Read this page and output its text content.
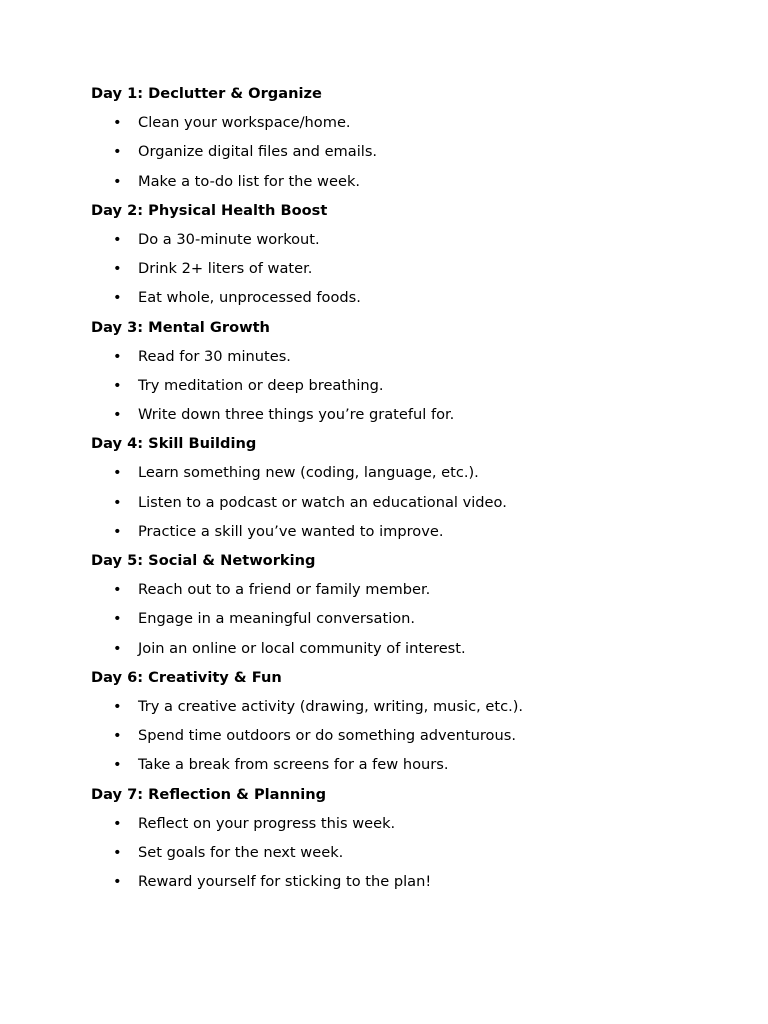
Day 1: Declutter & Organize
• Clean your workspace/home.
• Organize digital files and emails.
• Make a to-do list for the week.
Day 2: Physical Health Boost
• Do a 30-minute workout.
• Drink 2+ liters of water.
• Eat whole, unprocessed foods.
Day 3: Mental Growth
• Read for 30 minutes.
• Try meditation or deep breathing.
• Write down three things you’re grateful for.
Day 4: Skill Building
• Learn something new (coding, language, etc.).
• Listen to a podcast or watch an educational video.
• Practice a skill you’ve wanted to improve.
Day 5: Social & Networking
• Reach out to a friend or family member.
• Engage in a meaningful conversation.
• Join an online or local community of interest.
Day 6: Creativity & Fun
• Try a creative activity (drawing, writing, music, etc.).
• Spend time outdoors or do something adventurous.
• Take a break from screens for a few hours.
Day 7: Reflection & Planning
• Reflect on your progress this week.
• Set goals for the next week.
• Reward yourself for sticking to the plan!
